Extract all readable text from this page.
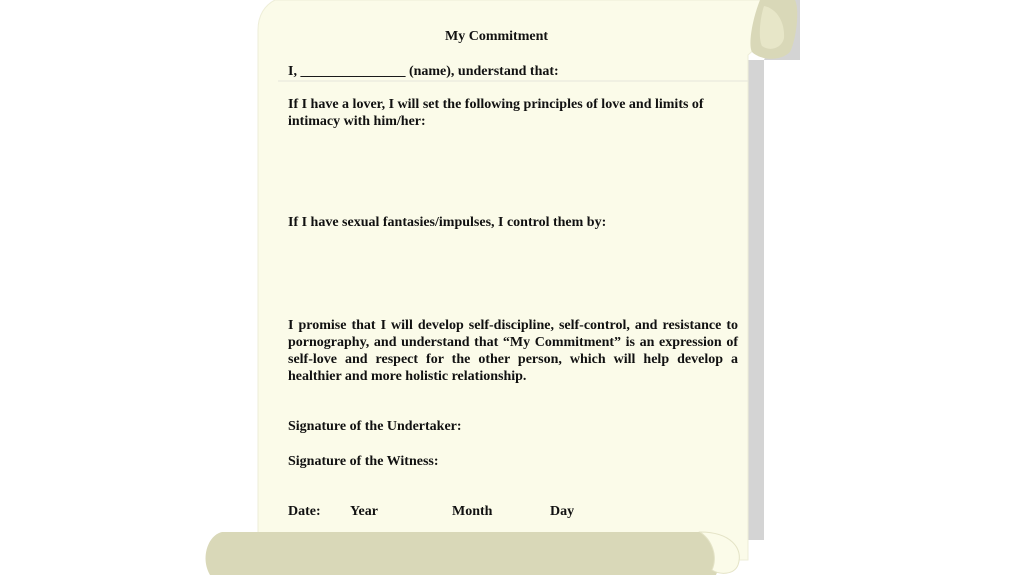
My Commitment

I, _______________ (name), understand that:

If I have a lover, I will set the following principles of love and limits of intimacy with him/her:

If I have sexual fantasies/impulses, I control them by:

I promise that I will develop self-discipline, self-control, and resistance to pornography, and understand that “My Commitment” is an expression of self-love and respect for the other person, which will help develop a healthier and more holistic relationship.

Signature of the Undertaker:

Signature of the Witness:

Date: Year	Month	Day
